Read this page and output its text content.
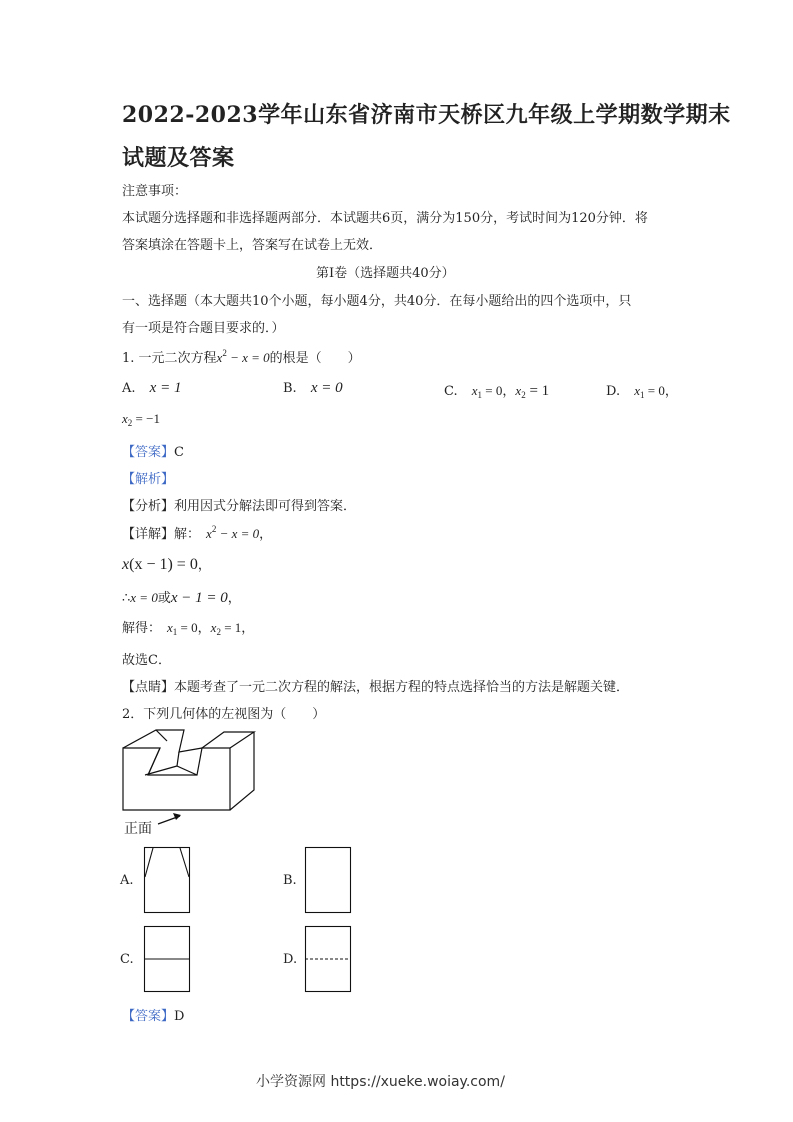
2022-2023学年山东省济南市天桥区九年级上学期数学期末
试题及答案
注意事项：
本试题分选择题和非选择题两部分．本试题共6页，满分为150分，考试时间为120分钟．将
答案填涂在答题卡上，答案写在试卷上无效．
第Ⅰ卷（选择题共40分）
一、选择题（本大题共10个小题，每小题4分，共40分．在每小题给出的四个选项中，只
有一项是符合题目要求的．）
1. 一元二次方程$x^2 - x = 0$的根是（　　）
A. x = 1	B. x = 0	C. $x_1 = 0$，$x_2 = 1$	D. $x_1 = 0$，
$x_2 = -1$
【答案】C
【解析】
【分析】利用因式分解法即可得到答案．
【详解】解： $x^2 - x = 0$，
x(x − 1) = 0，
∴x = 0或x − 1 = 0，
解得： $x_1 = 0$，$x_2 = 1$，
故选C．
【点睛】本题考查了一元二次方程的解法，根据方程的特点选择恰当的方法是解题关键．
2．下列几何体的左视图为（　　）
正面
A.	B.
C.	D.
【答案】D
小学资源网 https://xueke.woiay.com/
